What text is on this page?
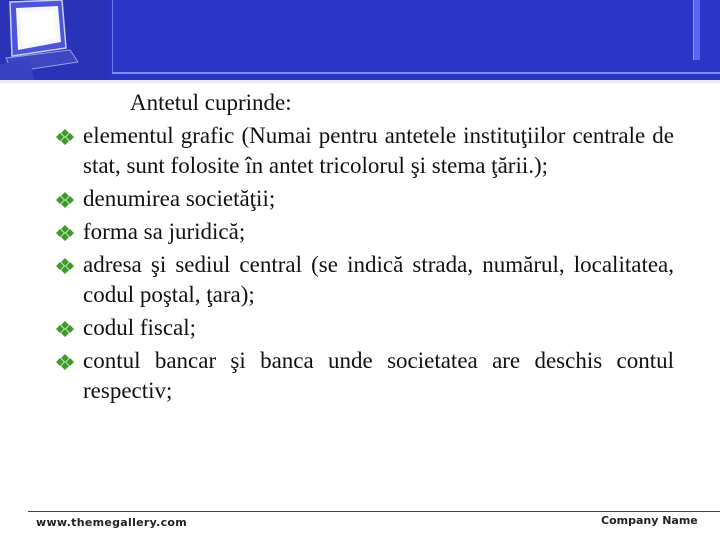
Antetul cuprinde:
elementul grafic (Numai pentru antetele instituţiilor centrale de stat, sunt folosite în antet tricolorul şi stema ţării.);
denumirea societăţii;
forma sa juridică;
adresa şi sediul central (se indică strada, numărul, localitatea, codul poştal, ţara);
codul fiscal;
contul bancar şi banca unde societatea are deschis contul respectiv;
www.themegallery.com	Company Name
